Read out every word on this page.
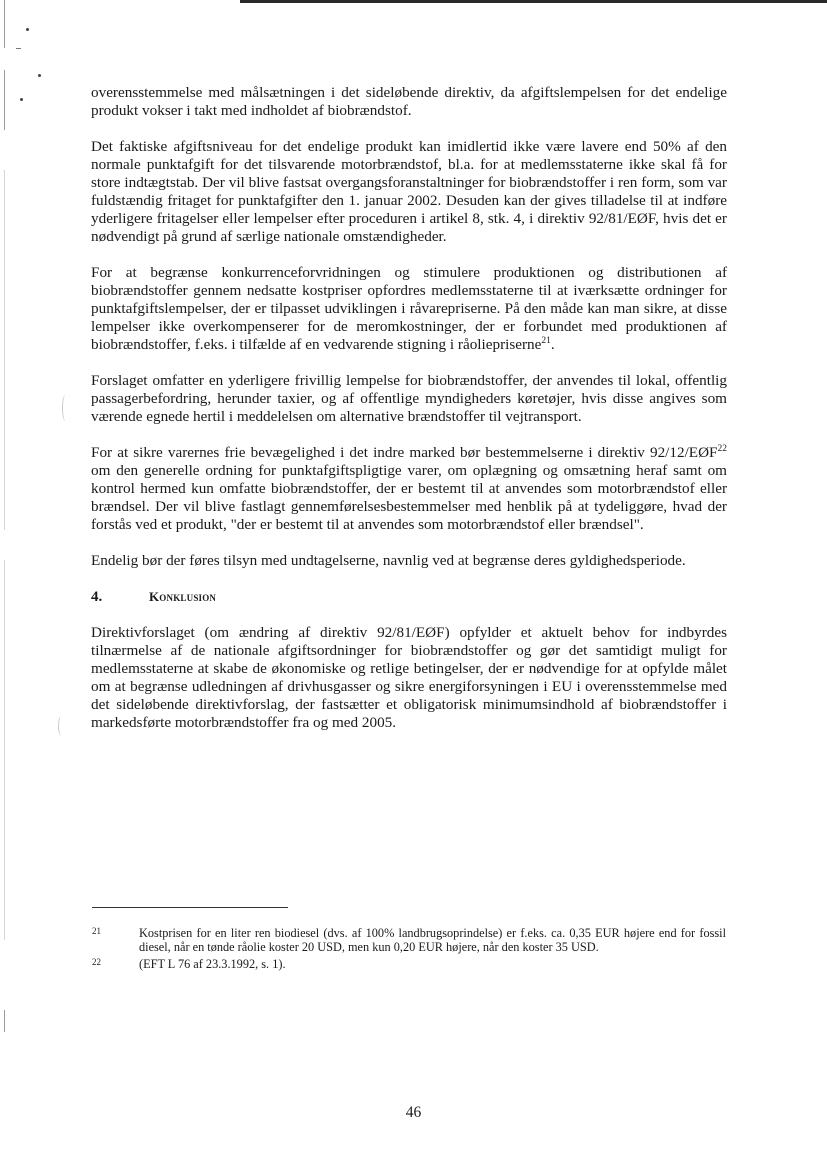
overensstemmelse med målsætningen i det sideløbende direktiv, da afgiftslempelsen for det endelige produkt vokser i takt med indholdet af biobrændstof.

Det faktiske afgiftsniveau for det endelige produkt kan imidlertid ikke være lavere end 50% af den normale punktafgift for det tilsvarende motorbrændstof, bl.a. for at medlemsstaterne ikke skal få for store indtægtstab. Der vil blive fastsat overgangsforanstaltninger for biobrændstoffer i ren form, som var fuldstændig fritaget for punktafgifter den 1. januar 2002. Desuden kan der gives tilladelse til at indføre yderligere fritagelser eller lempelser efter proceduren i artikel 8, stk. 4, i direktiv 92/81/EØF, hvis det er nødvendigt på grund af særlige nationale omstændigheder.

For at begrænse konkurrenceforvridningen og stimulere produktionen og distributionen af biobrændstoffer gennem nedsatte kostpriser opfordres medlemsstaterne til at iværksætte ordninger for punktafgiftslempelser, der er tilpasset udviklingen i råvarepriserne. På den måde kan man sikre, at disse lempelser ikke overkompenserer for de meromkostninger, der er forbundet med produktionen af biobrændstoffer, f.eks. i tilfælde af en vedvarende stigning i råoliepriserne$^{21}$.

Forslaget omfatter en yderligere frivillig lempelse for biobrændstoffer, der anvendes til lokal, offentlig passagerbefordring, herunder taxier, og af offentlige myndigheders køretøjer, hvis disse angives som værende egnede hertil i meddelelsen om alternative brændstoffer til vejtransport.

For at sikre varernes frie bevægelighed i det indre marked bør bestemmelserne i direktiv 92/12/EØF$^{22}$ om den generelle ordning for punktafgiftspligtige varer, om oplægning og omsætning heraf samt om kontrol hermed kun omfatte biobrændstoffer, der er bestemt til at anvendes som motorbrændstof eller brændsel. Der vil blive fastlagt gennemførelsesbestemmelser med henblik på at tydeliggøre, hvad der forstås ved et produkt, "der er bestemt til at anvendes som motorbrændstof eller brændsel".

Endelig bør der føres tilsyn med undtagelserne, navnlig ved at begrænse deres gyldighedsperiode.

4.	Konklusion

Direktivforslaget (om ændring af direktiv 92/81/EØF) opfylder et aktuelt behov for indbyrdes tilnærmelse af de nationale afgiftsordninger for biobrændstoffer og gør det samtidigt muligt for medlemsstaterne at skabe de økonomiske og retlige betingelser, der er nødvendige for at opfylde målet om at begrænse udledningen af drivhusgasser og sikre energiforsyningen i EU i overensstemmelse med det sideløbende direktivforslag, der fastsætter et obligatorisk minimumsindhold af biobrændstoffer i markedsførte motorbrændstoffer fra og med 2005.

21	Kostprisen for en liter ren biodiesel (dvs. af 100% landbrugsoprindelse) er f.eks. ca. 0,35 EUR højere end for fossil diesel, når en tønde råolie koster 20 USD, men kun 0,20 EUR højere, når den koster 35 USD.
22	(EFT L 76 af 23.3.1992, s. 1).
46
